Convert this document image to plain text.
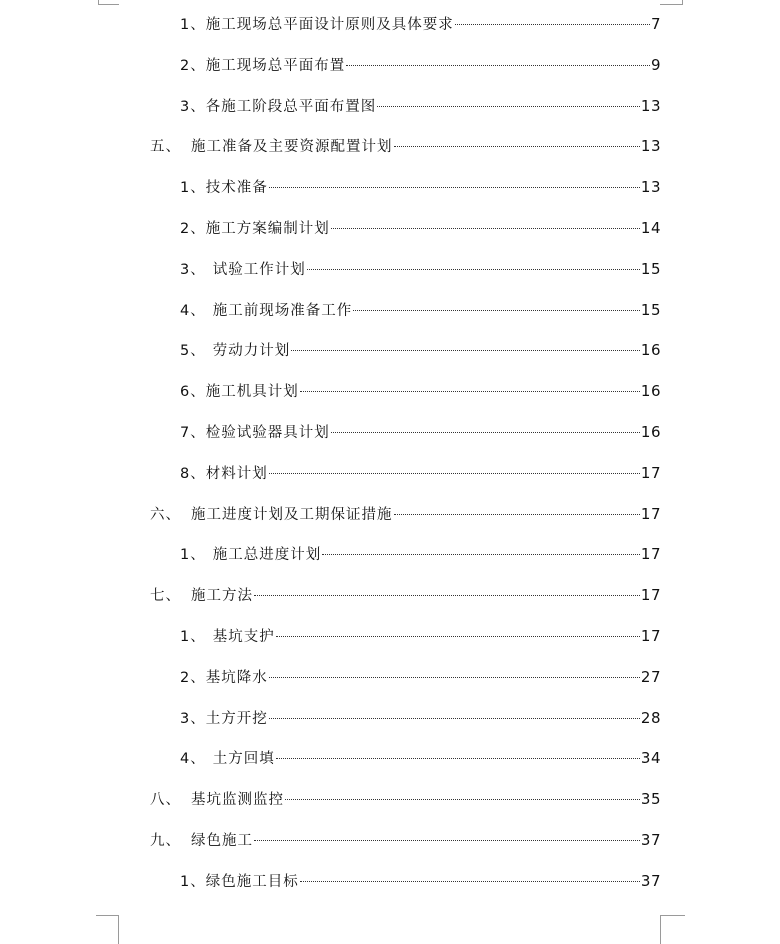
1、 施工现场总平面设计原则及具体要求	7
2、 施工现场总平面布置	9
3、 各施工阶段总平面布置图	13
五、 施工准备及主要资源配置计划	13
1、 技术准备	13
2、 施工方案编制计划	14
3、 试验工作计划	15
4、 施工前现场准备工作	15
5、 劳动力计划	16
6、 施工机具计划	16
7、 检验试验器具计划	16
8、 材料计划	17
六、 施工进度计划及工期保证措施	17
1、 施工总进度计划	17
七、 施工方法	17
1、 基坑支护	17
2、 基坑降水	27
3、 土方开挖	28
4、 土方回填	34
八、 基坑监测监控	35
九、 绿色施工	37
1、 绿色施工目标	37
